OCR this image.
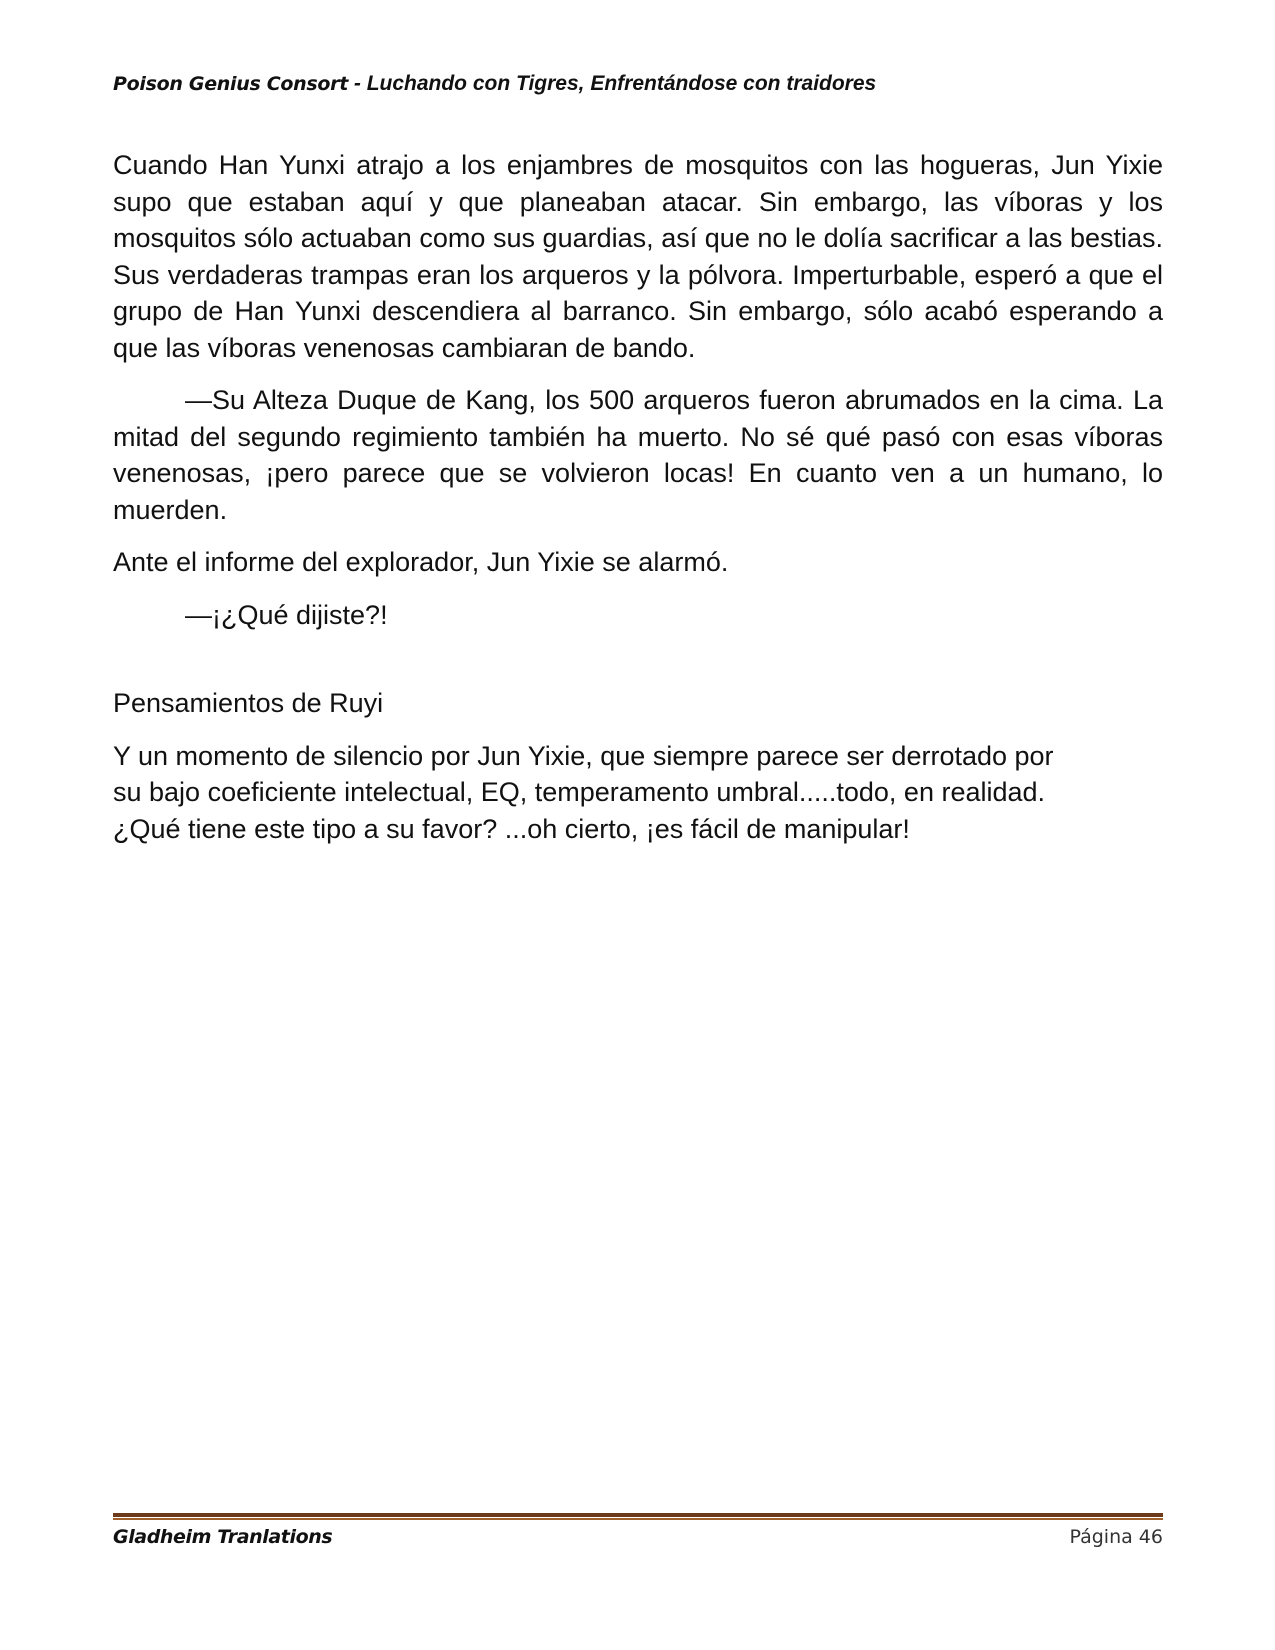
Poison Genius Consort - Luchando con Tigres, Enfrentándose con traidores

Cuando Han Yunxi atrajo a los enjambres de mosquitos con las hogueras, Jun Yixie supo que estaban aquí y que planeaban atacar. Sin embargo, las víboras y los mosquitos sólo actuaban como sus guardias, así que no le dolía sacrificar a las bestias. Sus verdaderas trampas eran los arqueros y la pólvora. Imperturbable, esperó a que el grupo de Han Yunxi descendiera al barranco. Sin embargo, sólo acabó esperando a que las víboras venenosas cambiaran de bando.

—Su Alteza Duque de Kang, los 500 arqueros fueron abrumados en la cima. La mitad del segundo regimiento también ha muerto. No sé qué pasó con esas víboras venenosas, ¡pero parece que se volvieron locas! En cuanto ven a un humano, lo muerden.

Ante el informe del explorador, Jun Yixie se alarmó.

—¡¿Qué dijiste?!

Pensamientos de Ruyi

Y un momento de silencio por Jun Yixie, que siempre parece ser derrotado por
su bajo coeficiente intelectual, EQ, temperamento umbral.....todo, en realidad.
¿Qué tiene este tipo a su favor? ...oh cierto, ¡es fácil de manipular!

Gladheim Tranlations	Página 46
